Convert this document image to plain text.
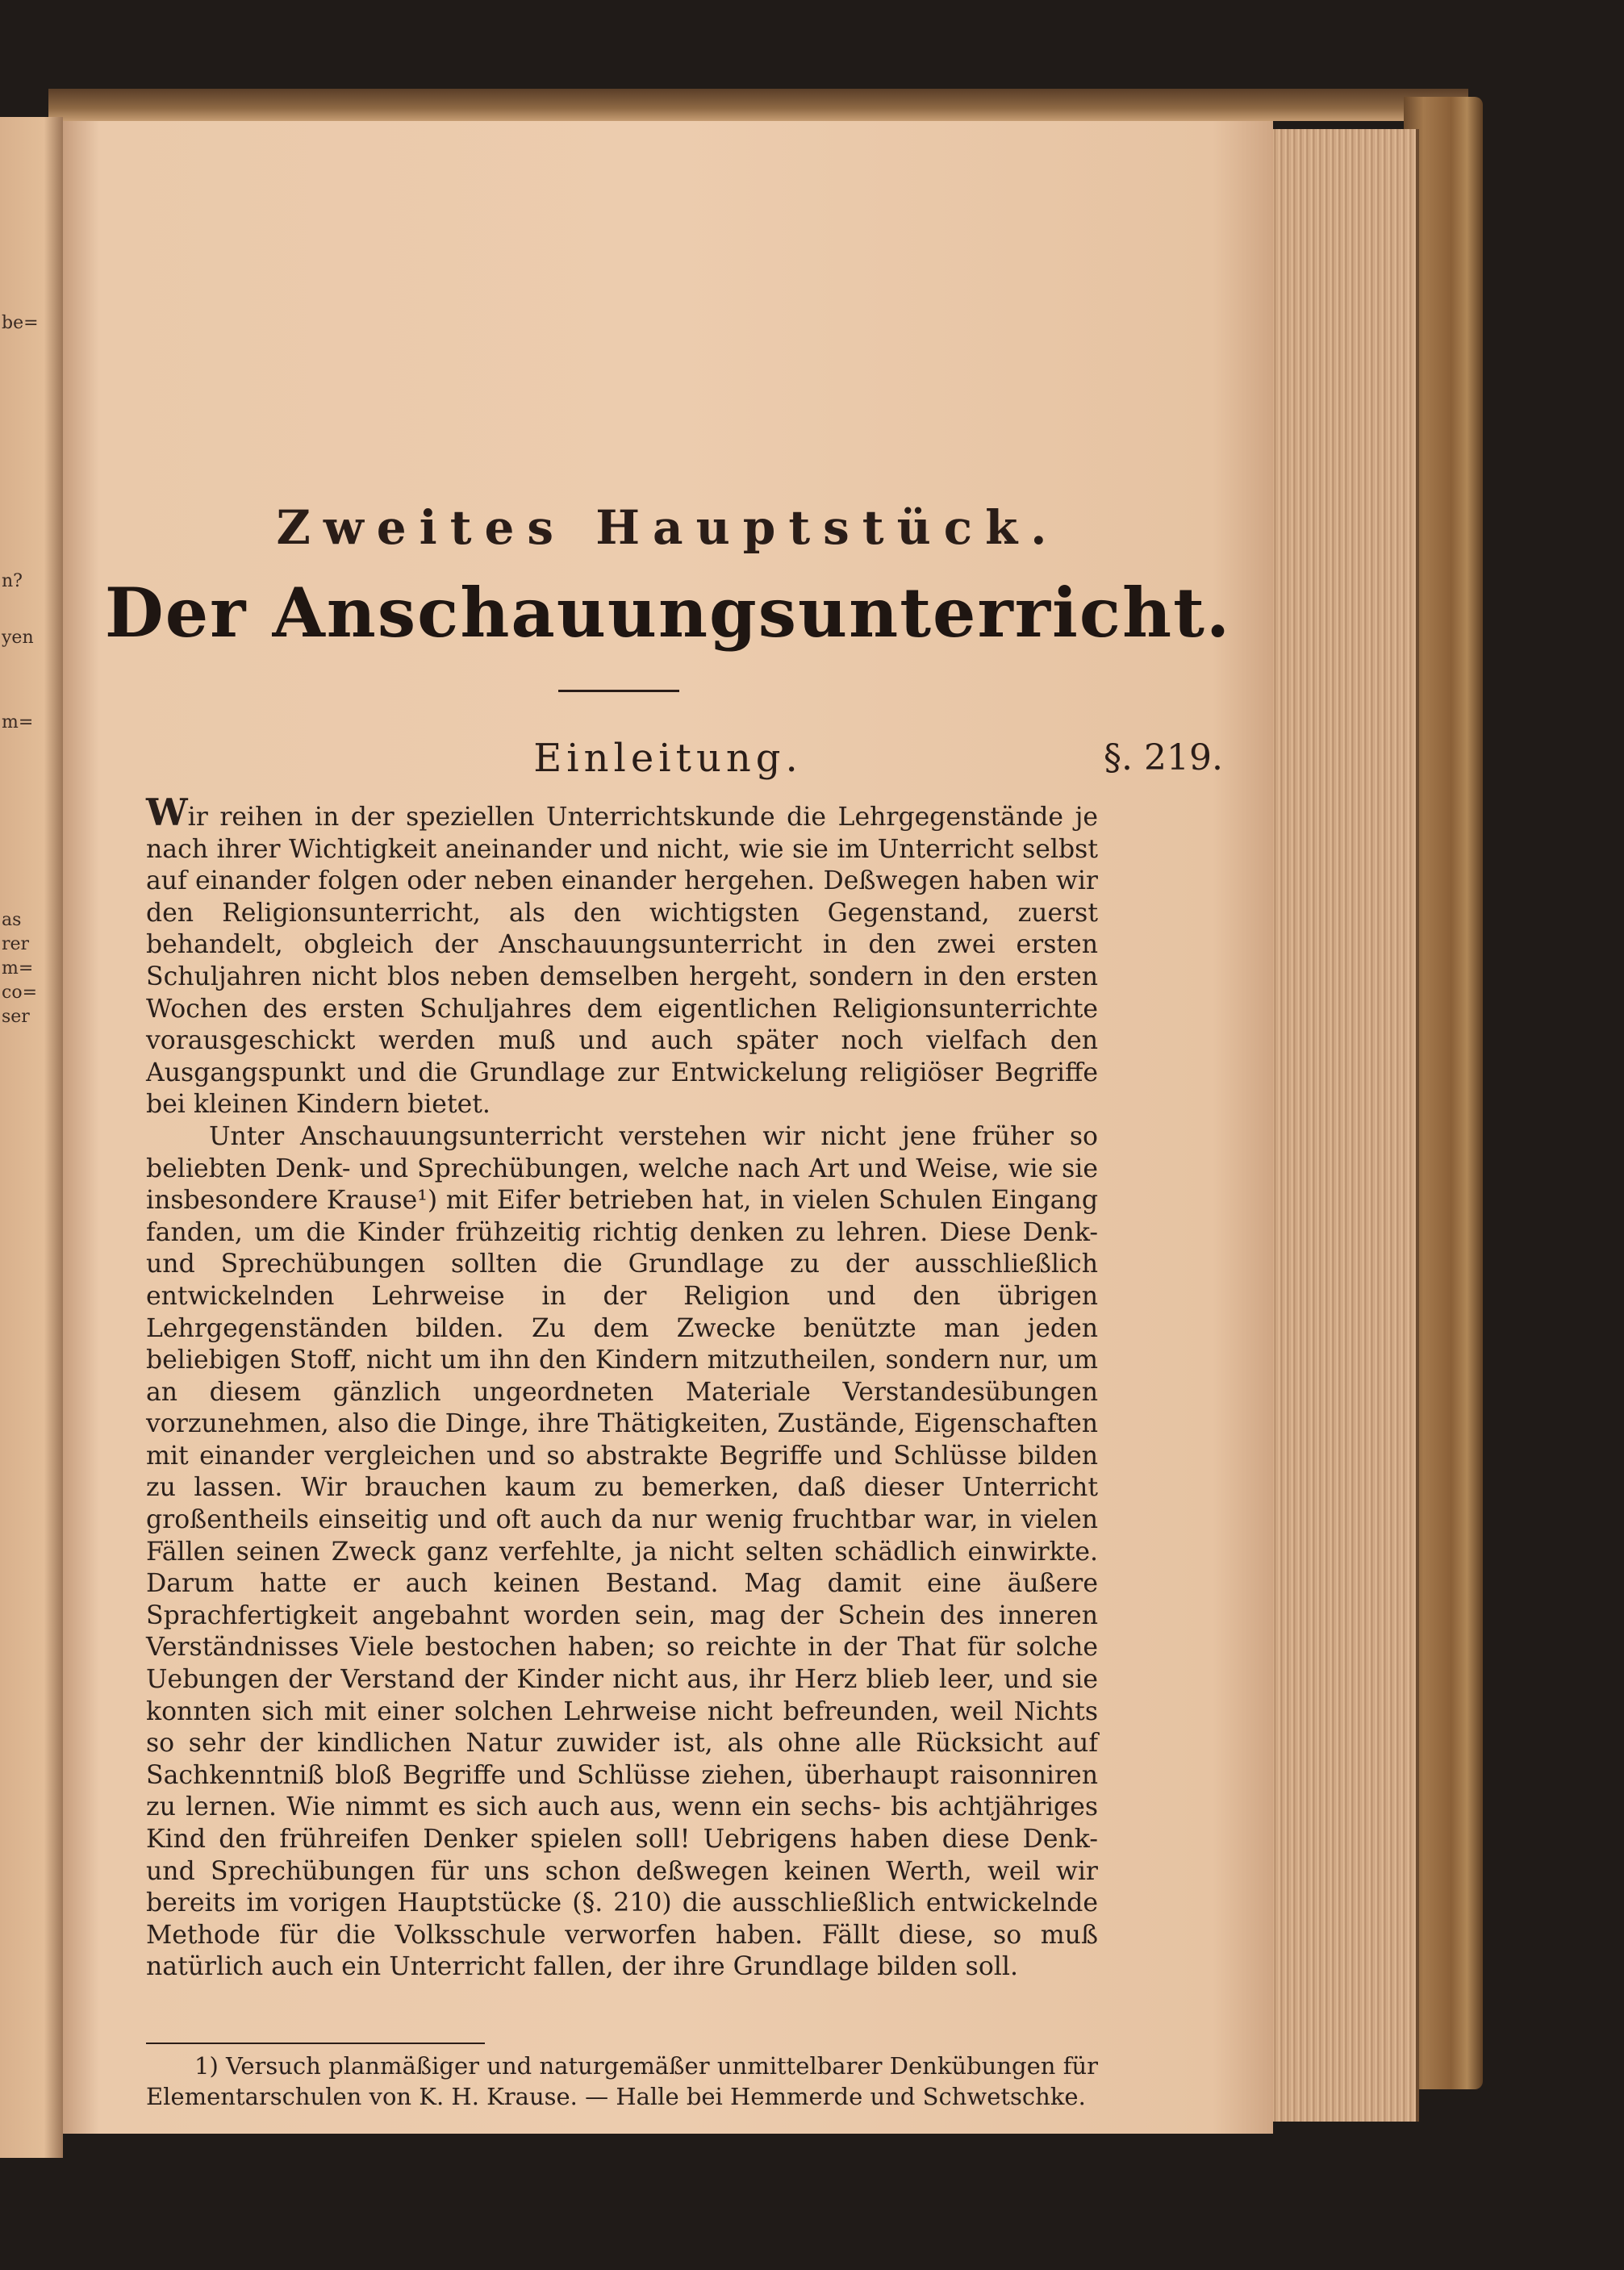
be=
n?
yen
m=
as
rer
m=
co=
ser
Zweites Hauptstück.
Der Anschauungsunterricht.
Einleitung.	§. 219.

Wir reihen in der speziellen Unterrichtskunde die Lehrgegenstände je nach ihrer Wichtigkeit aneinander und nicht, wie sie im Unterricht selbst auf einander folgen oder neben einander hergehen. Deßwegen haben wir den Religionsunterricht, als den wichtigsten Gegenstand, zuerst behandelt, obgleich der Anschauungsunterricht in den zwei ersten Schuljahren nicht blos neben demselben hergeht, sondern in den ersten Wochen des ersten Schuljahres dem eigentlichen Religionsunterrichte vorausgeschickt werden muß und auch später noch vielfach den Ausgangspunkt und die Grundlage zur Entwickelung religiöser Begriffe bei kleinen Kindern bietet.

Unter Anschauungsunterricht verstehen wir nicht jene früher so beliebten Denk- und Sprechübungen, welche nach Art und Weise, wie sie insbesondere Krause¹) mit Eifer betrieben hat, in vielen Schulen Eingang fanden, um die Kinder frühzeitig richtig denken zu lehren. Diese Denk- und Sprechübungen sollten die Grundlage zu der ausschließlich entwickelnden Lehrweise in der Religion und den übrigen Lehrgegenständen bilden. Zu dem Zwecke benützte man jeden beliebigen Stoff, nicht um ihn den Kindern mitzutheilen, sondern nur, um an diesem gänzlich ungeordneten Materiale Verstandesübungen vorzunehmen, also die Dinge, ihre Thätigkeiten, Zustände, Eigenschaften mit einander vergleichen und so abstrakte Begriffe und Schlüsse bilden zu lassen. Wir brauchen kaum zu bemerken, daß dieser Unterricht großentheils einseitig und oft auch da nur wenig fruchtbar war, in vielen Fällen seinen Zweck ganz verfehlte, ja nicht selten schädlich einwirkte. Darum hatte er auch keinen Bestand. Mag damit eine äußere Sprachfertigkeit angebahnt worden sein, mag der Schein des inneren Verständnisses Viele bestochen haben; so reichte in der That für solche Uebungen der Verstand der Kinder nicht aus, ihr Herz blieb leer, und sie konnten sich mit einer solchen Lehrweise nicht befreunden, weil Nichts so sehr der kindlichen Natur zuwider ist, als ohne alle Rücksicht auf Sachkenntniß bloß Begriffe und Schlüsse ziehen, überhaupt raisonniren zu lernen. Wie nimmt es sich auch aus, wenn ein sechs- bis achtjähriges Kind den frühreifen Denker spielen soll! Uebrigens haben diese Denk- und Sprechübungen für uns schon deßwegen keinen Werth, weil wir bereits im vorigen Hauptstücke (§. 210) die ausschließlich entwickelnde Methode für die Volksschule verworfen haben. Fällt diese, so muß natürlich auch ein Unterricht fallen, der ihre Grundlage bilden soll.

1) Versuch planmäßiger und naturgemäßer unmittelbarer Denkübungen für Elementarschulen von K. H. Krause. — Halle bei Hemmerde und Schwetschke.
